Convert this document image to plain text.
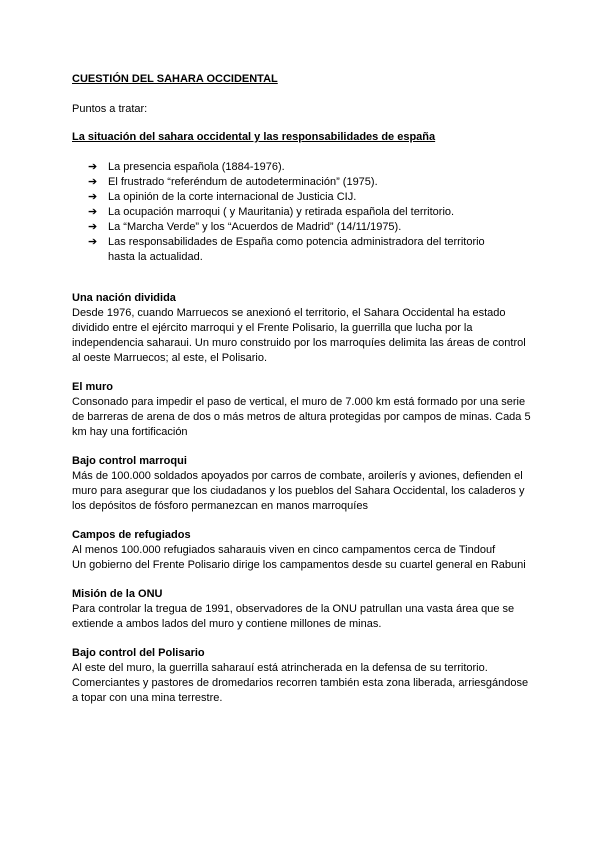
CUESTIÓN DEL SAHARA OCCIDENTAL

Puntos a tratar:

La situación del sahara occidental y las responsabilidades de españa
➔ La presencia española (1884-1976).
➔ El frustrado “referéndum de autodeterminación” (1975).
➔ La opinión de la corte internacional de Justicia CIJ.
➔ La ocupación marroqui ( y Mauritania) y retirada española del territorio.
➔ La “Marcha Verde” y los “Acuerdos de Madrid” (14/11/1975).
➔ Las responsabilidades de España como potencia administradora del territorio hasta la actualidad.
Una nación dividida

Desde 1976, cuando Marruecos se anexionó el territorio, el Sahara Occidental ha estado dividido entre el ejército marroqui y el Frente Polisario, la guerrilla que lucha por la independencia saharaui. Un muro construido por los marroquíes delimita las áreas de control al oeste Marruecos; al este, el Polisario.

El muro

Consonado para impedir el paso de vertical, el muro de 7.000 km está formado por una serie de barreras de arena de dos o más metros de altura protegidas por campos de minas. Cada 5 km hay una fortificación

Bajo control marroqui

Más de 100.000 soldados apoyados por carros de combate, aroilerís y aviones, defienden el muro para asegurar que los ciudadanos y los pueblos del Sahara Occidental, los caladeros y los depósitos de fósforo permanezcan en manos marroquíes

Campos de refugiados

Al menos 100.000 refugiados saharauis viven en cinco campamentos cerca de Tindouf
Un gobierno del Frente Polisario dirige los campamentos desde su cuartel general en Rabuni

Misión de la ONU

Para controlar la tregua de 1991, observadores de la ONU patrullan una vasta área que se extiende a ambos lados del muro y contiene millones de minas.

Bajo control del Polisario

Al este del muro, la guerrilla saharauí está atrincherada en la defensa de su territorio. Comerciantes y pastores de dromedarios recorren también esta zona liberada, arriesgándose a topar con una mina terrestre.
